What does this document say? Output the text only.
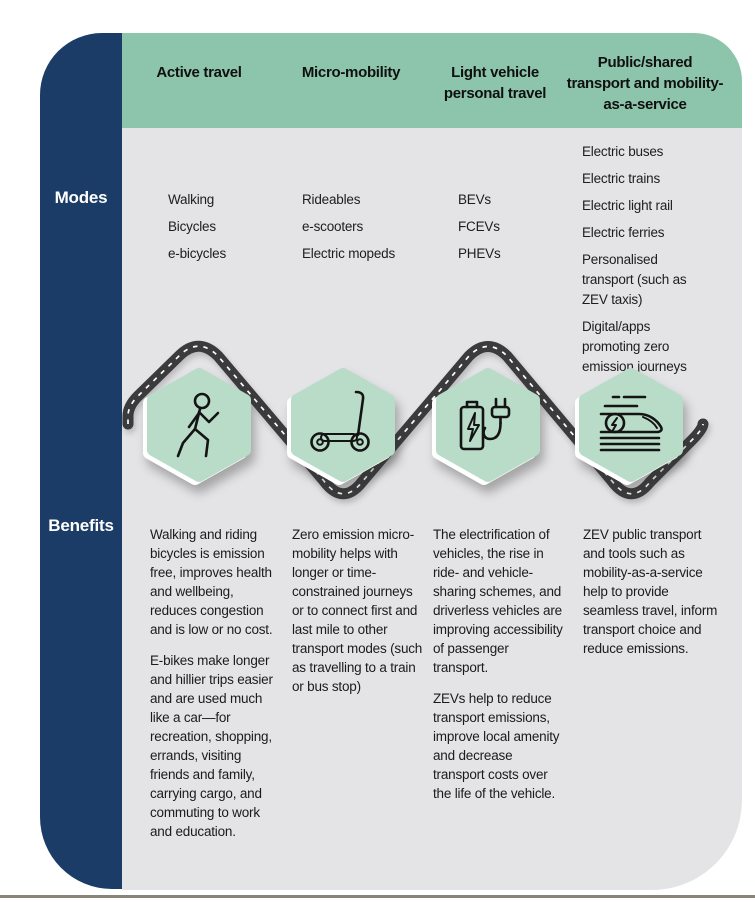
Modes
Benefits
Active travel	Micro-mobility	Light vehicle personal travel
Public/shared transport and mobility-as-a-service
Walking
Bicycles
e-bicycles
Rideables
e-scooters
Electric mopeds
BEVs
FCEVs
PHEVs
Electric buses
Electric trains
Electric light rail
Electric ferries
Personalised transport (such as ZEV taxis)
Digital/apps promoting zero emission journeys

Walking and riding bicycles is emission free, improves health and wellbeing, reduces congestion and is low or no cost.

E-bikes make longer and hillier trips easier and are used much like a car—for recreation, shopping, errands, visiting friends and family, carrying cargo, and commuting to work and education.

Zero emission micro-mobility helps with longer or time-constrained journeys or to connect first and last mile to other transport modes (such as travelling to a train or bus stop)

The electrification of vehicles, the rise in ride- and vehicle-sharing schemes, and driverless vehicles are improving accessibility of passenger transport.

ZEVs help to reduce transport emissions, improve local amenity and decrease transport costs over the life of the vehicle.

ZEV public transport and tools such as mobility-as-a-service help to provide seamless travel, inform transport choice and reduce emissions.
